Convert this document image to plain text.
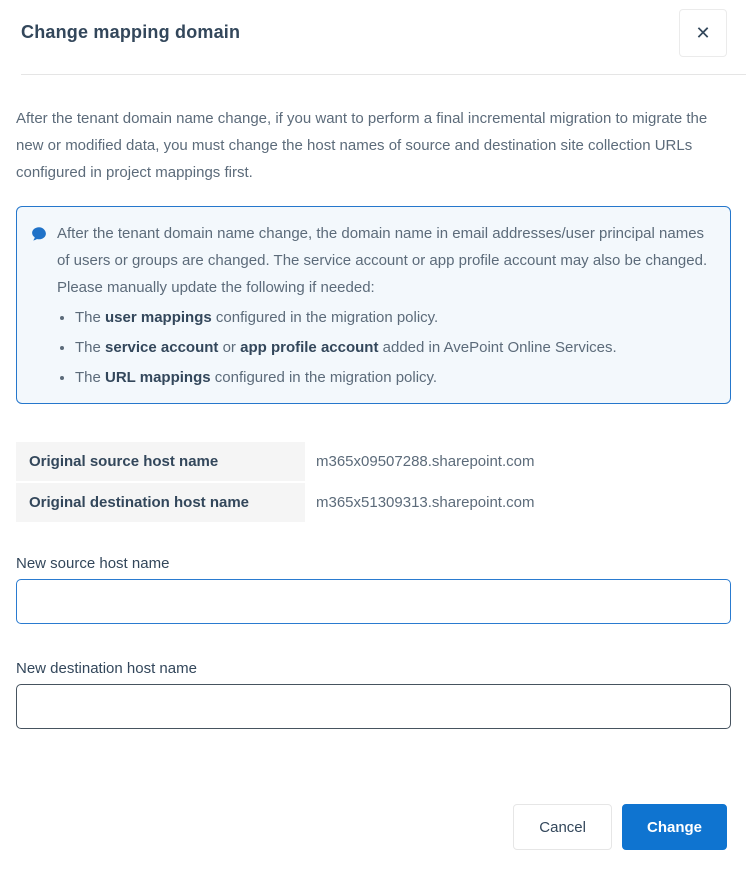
Change mapping domain	✕

After the tenant domain name change, if you want to perform a final incremental migration to migrate the new or modified data, you must change the host names of source and destination site collection URLs configured in project mappings first.

After the tenant domain name change, the domain name in email addresses/user principal names of users or groups are changed. The service account or app profile account may also be changed. Please manually update the following if needed:
• The user mappings configured in the migration policy.
• The service account or app profile account added in AvePoint Online Services.
• The URL mappings configured in the migration policy.
Original source host name	m365x09507288.sharepoint.com
Original destination host name	m365x51309313.sharepoint.com
New source host name
New destination host name
Cancel	Change
